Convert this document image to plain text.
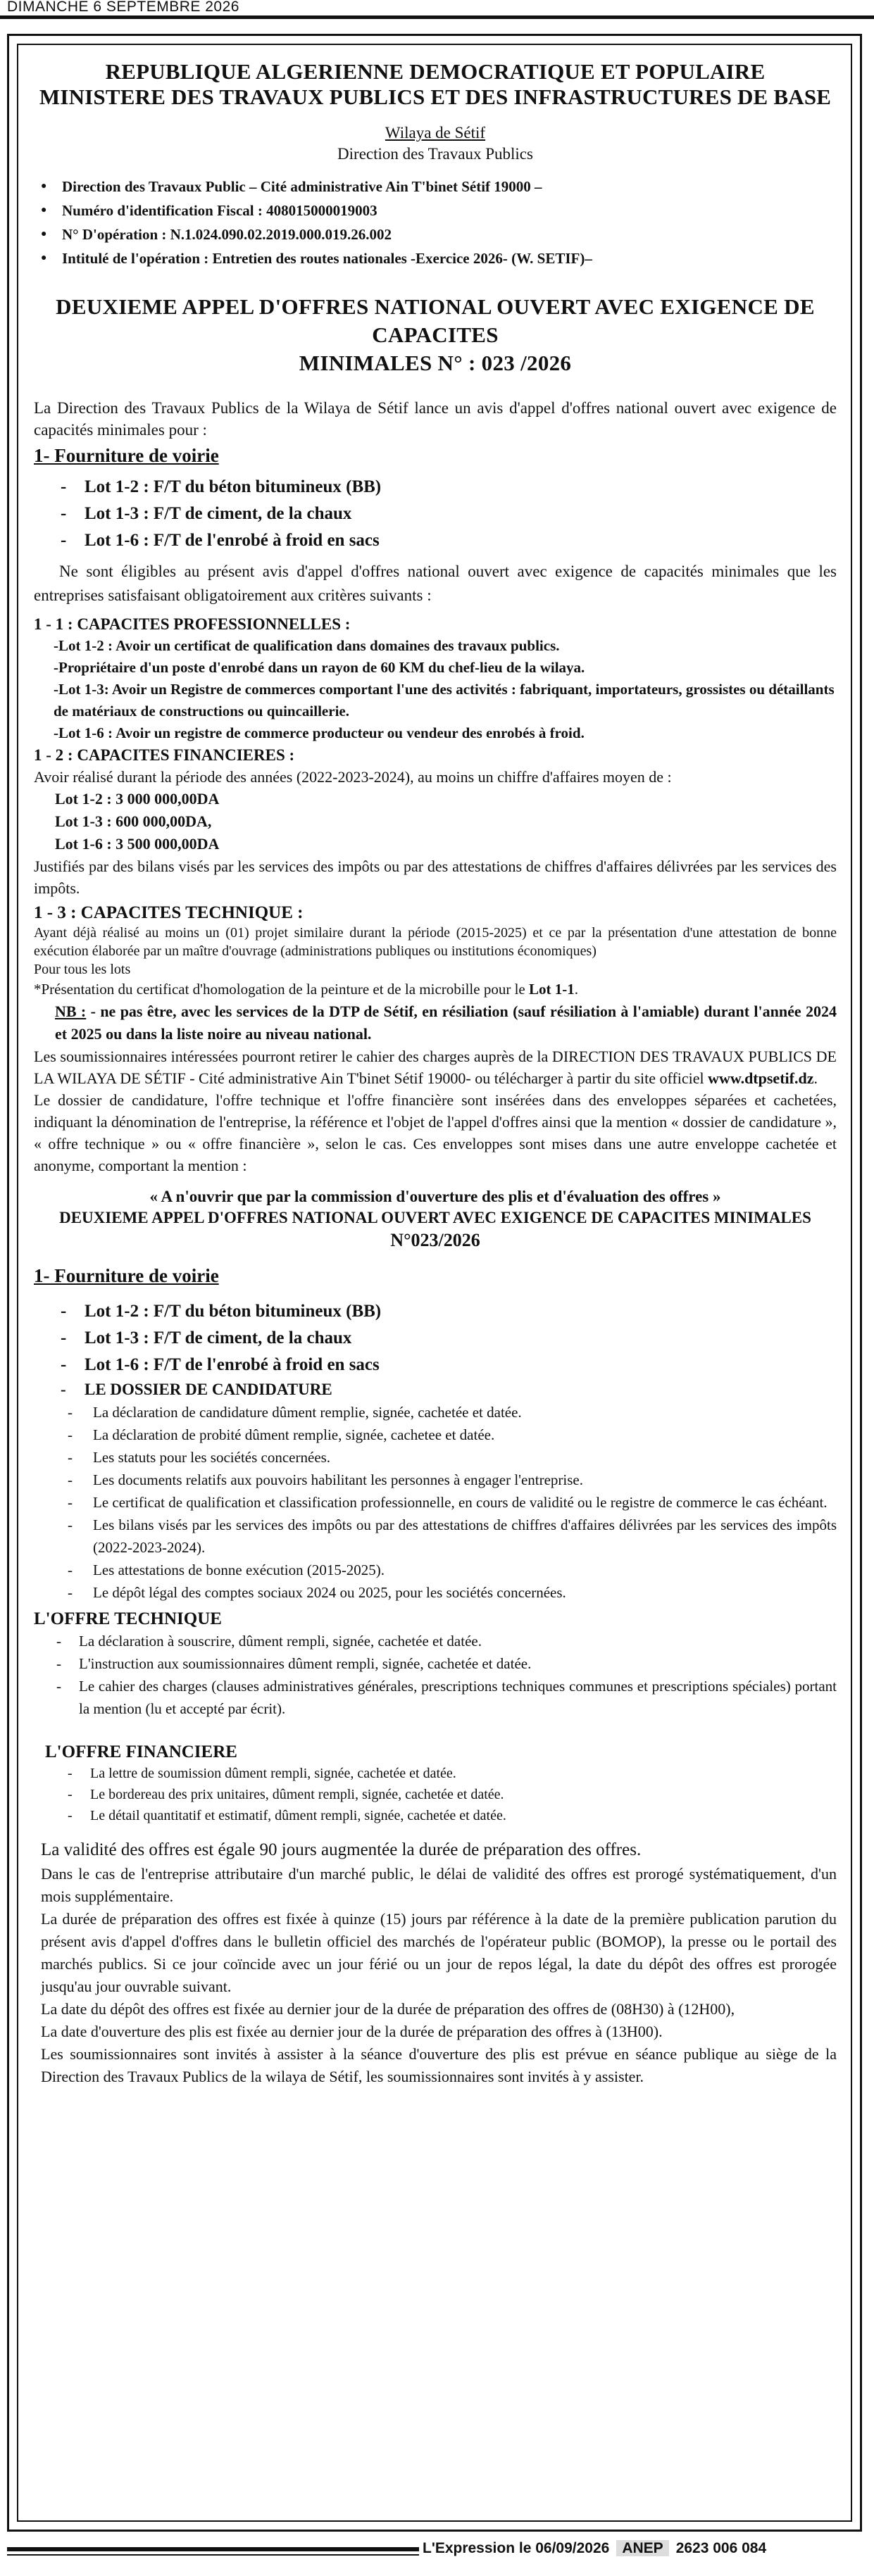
DIMANCHE 6 SEPTEMBRE 2026
REPUBLIQUE ALGERIENNE DEMOCRATIQUE ET POPULAIRE
MINISTERE DES TRAVAUX PUBLICS ET DES INFRASTRUCTURES DE BASE
Wilaya de Sétif
Direction des Travaux Publics
● Direction des Travaux Public – Cité administrative Ain T'binet Sétif 19000 –
● Numéro d'identification Fiscal : 408015000019003
● N° D'opération : N.1.024.090.02.2019.000.019.26.002
● Intitulé de l'opération : Entretien des routes nationales -Exercice 2026- (W. SETIF)–
DEUXIEME APPEL D'OFFRES NATIONAL OUVERT AVEC EXIGENCE DE CAPACITES
MINIMALES N° : 023 /2026

La Direction des Travaux Publics de la Wilaya de Sétif lance un avis d'appel d'offres national ouvert avec exigence de capacités minimales pour :

1- Fourniture de voirie
- Lot 1-2 : F/T du béton bitumineux (BB)
- Lot 1-3 : F/T de ciment, de la chaux
- Lot 1-6 : F/T de l'enrobé à froid en sacs

Ne sont éligibles au présent avis d'appel d'offres national ouvert avec exigence de capacités minimales que les entreprises satisfaisant obligatoirement aux critères suivants :

1 - 1 : CAPACITES PROFESSIONNELLES :
-Lot 1-2 : Avoir un certificat de qualification dans domaines des travaux publics.
-Propriétaire d'un poste d'enrobé dans un rayon de 60 KM du chef-lieu de la wilaya.
-Lot 1-3: Avoir un Registre de commerces comportant l'une des activités : fabriquant, importateurs, grossistes ou détaillants de matériaux de constructions ou quincaillerie.
-Lot 1-6 : Avoir un registre de commerce producteur ou vendeur des enrobés à froid.
1 - 2 : CAPACITES FINANCIERES :
Avoir réalisé durant la période des années (2022-2023-2024), au moins un chiffre d'affaires moyen de :
Lot 1-2 : 3 000 000,00DA
Lot 1-3 : 600 000,00DA,
Lot 1-6 : 3 500 000,00DA

Justifiés par des bilans visés par les services des impôts ou par des attestations de chiffres d'affaires délivrées par les services des impôts.

1 - 3 : CAPACITES TECHNIQUE :

Ayant déjà réalisé au moins un (01) projet similaire durant la période (2015-2025) et ce par la présentation d'une attestation de bonne exécution élaborée par un maître d'ouvrage (administrations publiques ou institutions économiques)

Pour tous les lots
*Présentation du certificat d'homologation de la peinture et de la microbille pour le Lot 1-1.

NB : - ne pas être, avec les services de la DTP de Sétif, en résiliation (sauf résiliation à l'amiable) durant l'année 2024 et 2025 ou dans la liste noire au niveau national.

Les soumissionnaires intéressées pourront retirer le cahier des charges auprès de la DIRECTION DES TRAVAUX PUBLICS DE LA WILAYA DE SÉTIF - Cité administrative Ain T'binet Sétif 19000- ou télécharger à partir du site officiel www.dtpsetif.dz.

Le dossier de candidature, l'offre technique et l'offre financière sont insérées dans des enveloppes séparées et cachetées, indiquant la dénomination de l'entreprise, la référence et l'objet de l'appel d'offres ainsi que la mention « dossier de candidature », « offre technique » ou « offre financière », selon le cas. Ces enveloppes sont mises dans une autre enveloppe cachetée et anonyme, comportant la mention :

« A n'ouvrir que par la commission d'ouverture des plis et d'évaluation des offres »
DEUXIEME APPEL D'OFFRES NATIONAL OUVERT AVEC EXIGENCE DE CAPACITES MINIMALES
N°023/2026
1- Fourniture de voirie
- Lot 1-2 : F/T du béton bitumineux (BB)
- Lot 1-3 : F/T de ciment, de la chaux
- Lot 1-6 : F/T de l'enrobé à froid en sacs
- LE DOSSIER DE CANDIDATURE
- La déclaration de candidature dûment remplie, signée, cachetée et datée.
- La déclaration de probité dûment remplie, signée, cachetee et datée.
- Les statuts pour les sociétés concernées.
- Les documents relatifs aux pouvoirs habilitant les personnes à engager l'entreprise.
- Le certificat de qualification et classification professionnelle, en cours de validité ou le registre de commerce le cas échéant.
- Les bilans visés par les services des impôts ou par des attestations de chiffres d'affaires délivrées par les services des impôts (2022-2023-2024).
- Les attestations de bonne exécution (2015-2025).
- Le dépôt légal des comptes sociaux 2024 ou 2025, pour les sociétés concernées.
L'OFFRE TECHNIQUE
- La déclaration à souscrire, dûment rempli, signée, cachetée et datée.
- L'instruction aux soumissionnaires dûment rempli, signée, cachetée et datée.
- Le cahier des charges (clauses administratives générales, prescriptions techniques communes et prescriptions spéciales) portant la mention (lu et accepté par écrit).
L'OFFRE FINANCIERE
- La lettre de soumission dûment rempli, signée, cachetée et datée.
- Le bordereau des prix unitaires, dûment rempli, signée, cachetée et datée.
- Le détail quantitatif et estimatif, dûment rempli, signée, cachetée et datée.

La validité des offres est égale 90 jours augmentée la durée de préparation des offres.

Dans le cas de l'entreprise attributaire d'un marché public, le délai de validité des offres est prorogé systématiquement, d'un mois supplémentaire.

La durée de préparation des offres est fixée à quinze (15) jours par référence à la date de la première publication parution du présent avis d'appel d'offres dans le bulletin officiel des marchés de l'opérateur public (BOMOP), la presse ou le portail des marchés publics. Si ce jour coïncide avec un jour férié ou un jour de repos légal, la date du dépôt des offres est prorogée jusqu'au jour ouvrable suivant.

La date du dépôt des offres est fixée au dernier jour de la durée de préparation des offres de (08H30) à (12H00),

La date d'ouverture des plis est fixée au dernier jour de la durée de préparation des offres à (13H00).

Les soumissionnaires sont invités à assister à la séance d'ouverture des plis est prévue en séance publique au siège de la Direction des Travaux Publics de la wilaya de Sétif, les soumissionnaires sont invités à y assister.

L'Expression le 06/09/2026 ANEP 2623 006 084
